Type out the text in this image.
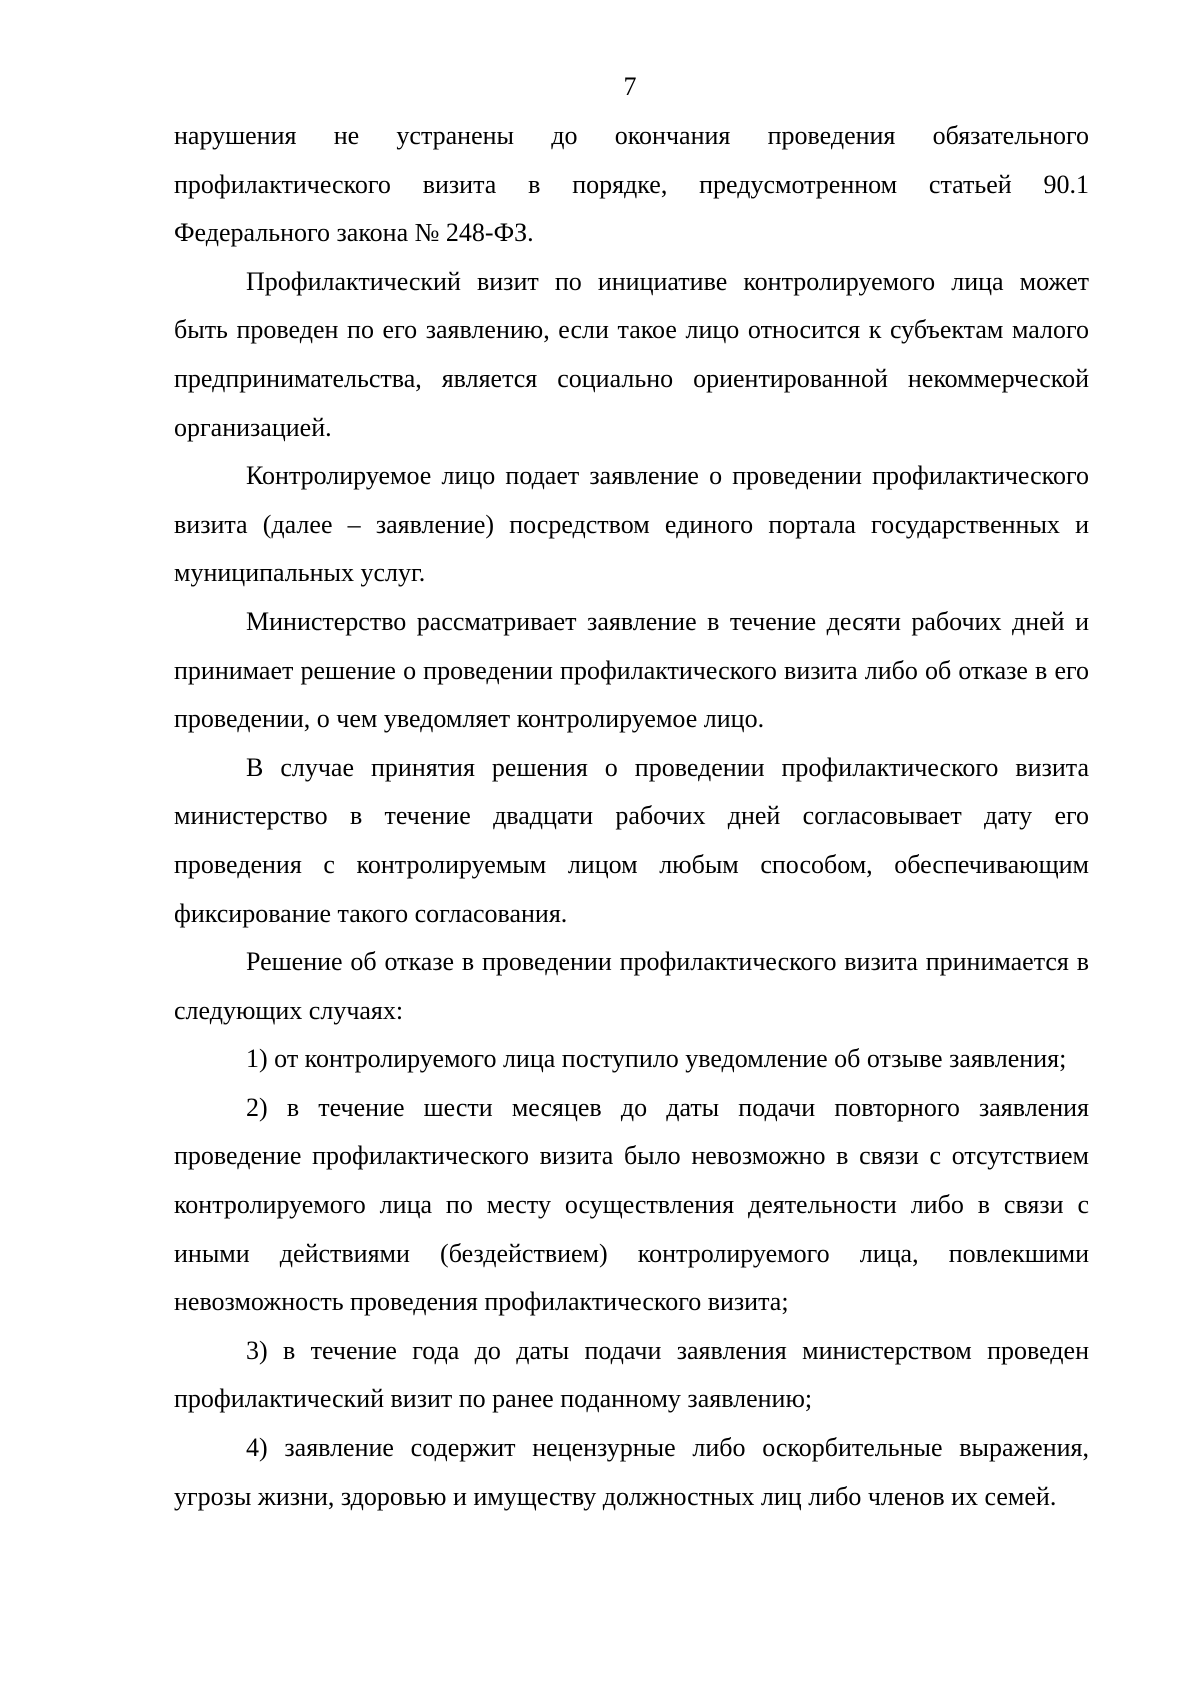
7

нарушения не устранены до окончания проведения обязательного профилактического визита в порядке, предусмотренном статьей 90.1 Федерального закона № 248-ФЗ.

Профилактический визит по инициативе контролируемого лица может быть проведен по его заявлению, если такое лицо относится к субъектам малого предпринимательства, является социально ориентированной некоммерческой организацией.

Контролируемое лицо подает заявление о проведении профилактического визита (далее – заявление) посредством единого портала государственных и муниципальных услуг.

Министерство рассматривает заявление в течение десяти рабочих дней и принимает решение о проведении профилактического визита либо об отказе в его проведении, о чем уведомляет контролируемое лицо.

В случае принятия решения о проведении профилактического визита министерство в течение двадцати рабочих дней согласовывает дату его проведения с контролируемым лицом любым способом, обеспечивающим фиксирование такого согласования.

Решение об отказе в проведении профилактического визита принимается в следующих случаях:

1) от контролируемого лица поступило уведомление об отзыве заявления;

2) в течение шести месяцев до даты подачи повторного заявления проведение профилактического визита было невозможно в связи с отсутствием контролируемого лица по месту осуществления деятельности либо в связи с иными действиями (бездействием) контролируемого лица, повлекшими невозможность проведения профилактического визита;

3) в течение года до даты подачи заявления министерством проведен профилактический визит по ранее поданному заявлению;

4) заявление содержит нецензурные либо оскорбительные выражения, угрозы жизни, здоровью и имуществу должностных лиц либо членов их семей.
